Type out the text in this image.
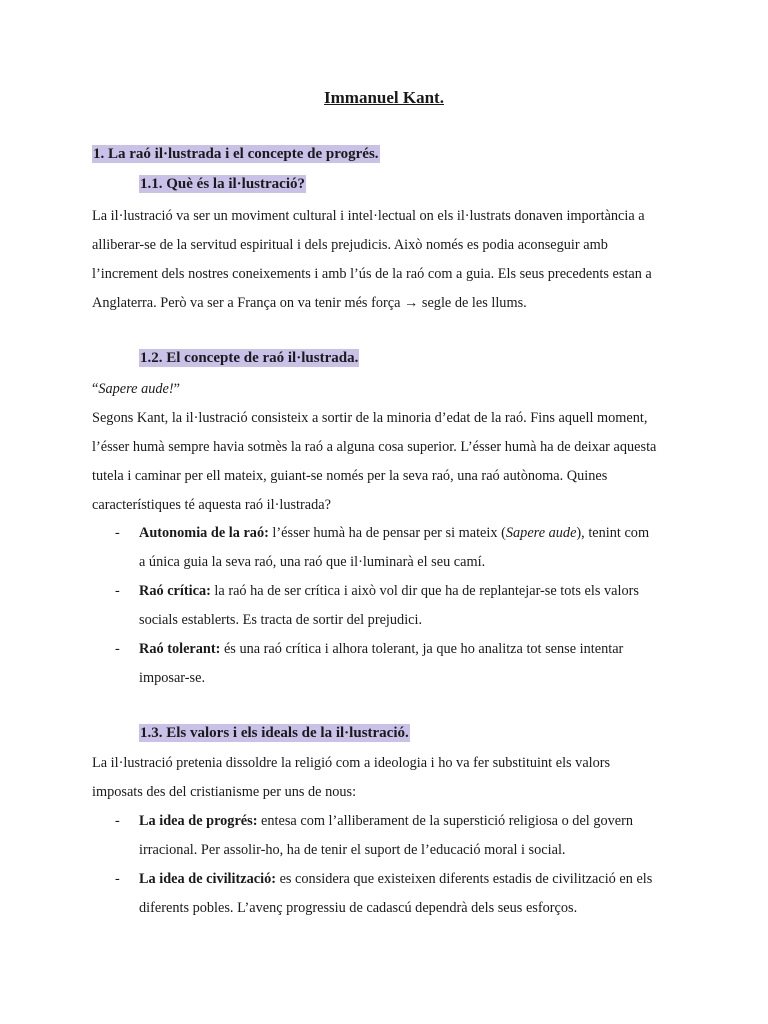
Immanuel Kant.
1. La raó il·lustrada i el concepte de progrés.
1.1. Què és la il·lustració?

La il·lustració va ser un moviment cultural i intel·lectual on els il·lustrats donaven importància a

alliberar-se de la servitud espiritual i dels prejudicis. Això només es podia aconseguir amb

l’increment dels nostres coneixements i amb l’ús de la raó com a guia. Els seus precedents estan a

Anglaterra. Però va ser a França on va tenir més força → segle de les llums.

1.2. El concepte de raó il·lustrada.

“Sapere aude!”

Segons Kant, la il·lustració consisteix a sortir de la minoria d’edat de la raó. Fins aquell moment,

l’ésser humà sempre havia sotmès la raó a alguna cosa superior. L’ésser humà ha de deixar aquesta

tutela i caminar per ell mateix, guiant-se només per la seva raó, una raó autònoma. Quines

característiques té aquesta raó il·lustrada?

- Autonomia de la raó: l’ésser humà ha de pensar per si mateix (Sapere aude), tenint com
a única guia la seva raó, una raó que il·luminarà el seu camí.
- Raó crítica: la raó ha de ser crítica i això vol dir que ha de replantejar-se tots els valors
socials establerts. Es tracta de sortir del prejudici.
- Raó tolerant: és una raó crítica i alhora tolerant, ja que ho analitza tot sense intentar
imposar-se.
1.3. Els valors i els ideals de la il·lustració.

La il·lustració pretenia dissoldre la religió com a ideologia i ho va fer substituint els valors

imposats des del cristianisme per uns de nous:

- La idea de progrés: entesa com l’alliberament de la superstició religiosa o del govern
irracional. Per assolir-ho, ha de tenir el suport de l’educació moral i social.
- La idea de civilització: es considera que existeixen diferents estadis de civilització en els
diferents pobles. L’avenç progressiu de cadascú dependrà dels seus esforços.
